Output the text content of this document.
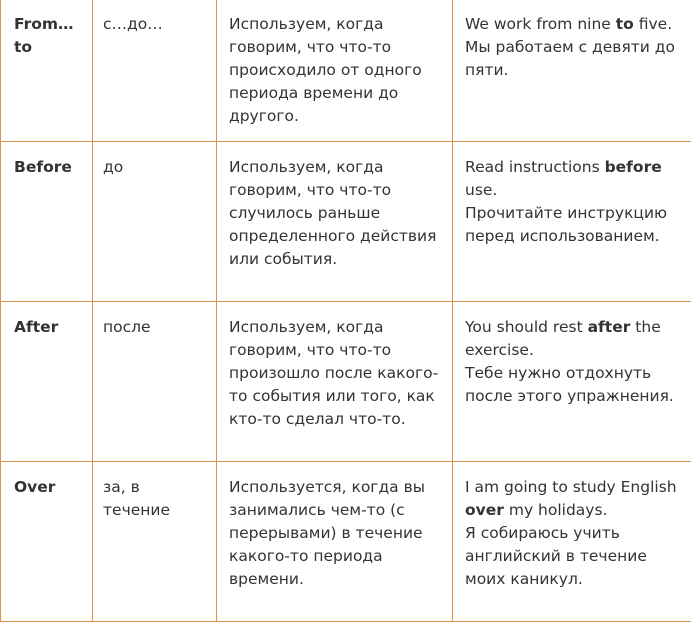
From… to	с…до…	Используем, когда говорим, что что-то происходило от одного периода времени до другого.	We work from nine to five.
Мы работаем с девяти до пяти.

Before	до	Используем, когда говорим, что что-то случилось раньше определенного действия или события.	Read instructions before use.
Прочитайте инструкцию перед использованием.

After	после	Используем, когда говорим, что что-то произошло после какого-то события или того, как кто-то сделал что-то.	You should rest after the exercise.
Тебе нужно отдохнуть после этого упражнения.

Over	за, в течение	Используется, когда вы занимались чем-то (с перерывами) в течение какого-то периода времени.	I am going to study English over my holidays.
Я собираюсь учить английский в течение моих каникул.
